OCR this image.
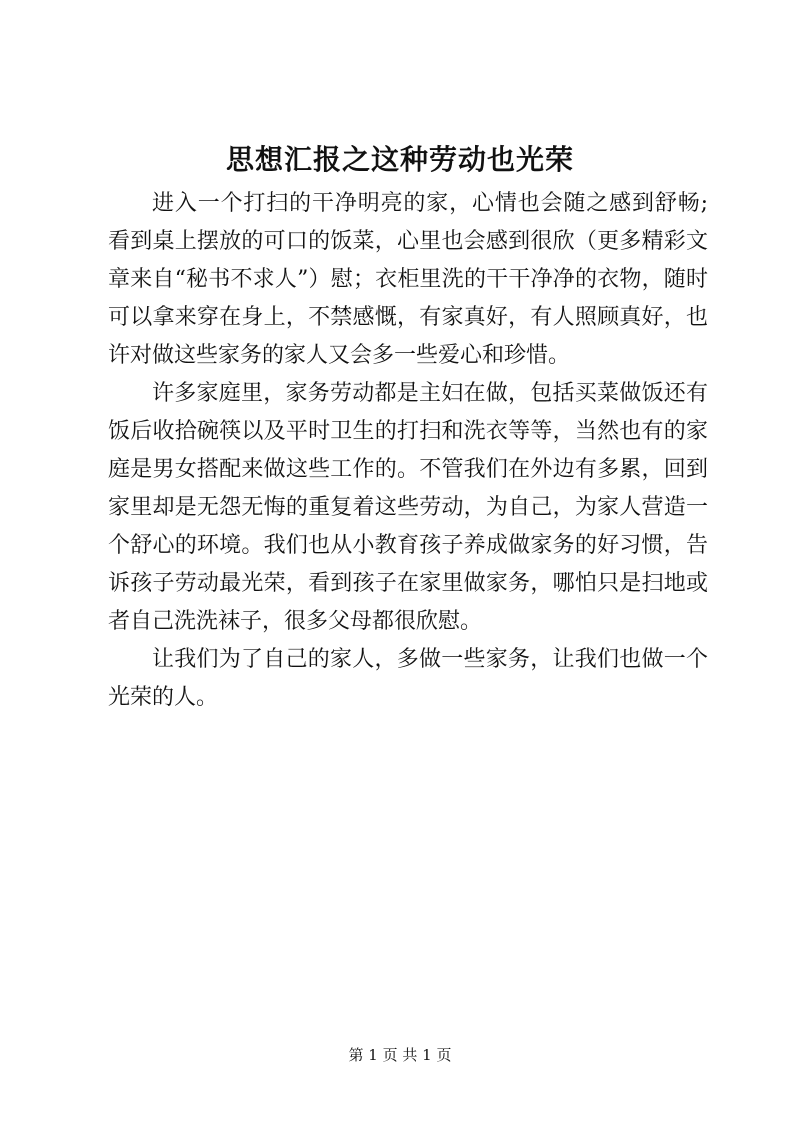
思想汇报之这种劳动也光荣

进入一个打扫的干净明亮的家，心情也会随之感到舒畅;看到桌上摆放的可口的饭菜，心里也会感到很欣（更多精彩文章来自“秘书不求人”）慰；衣柜里洗的干干净净的衣物，随时可以拿来穿在身上，不禁感慨，有家真好，有人照顾真好，也许对做这些家务的家人又会多一些爱心和珍惜。

许多家庭里，家务劳动都是主妇在做，包括买菜做饭还有饭后收拾碗筷以及平时卫生的打扫和洗衣等等，当然也有的家庭是男女搭配来做这些工作的。不管我们在外边有多累，回到家里却是无怨无悔的重复着这些劳动，为自己，为家人营造一个舒心的环境。我们也从小教育孩子养成做家务的好习惯，告诉孩子劳动最光荣，看到孩子在家里做家务，哪怕只是扫地或者自己洗洗袜子，很多父母都很欣慰。

让我们为了自己的家人，多做一些家务，让我们也做一个光荣的人。

第 1 页 共 1 页
